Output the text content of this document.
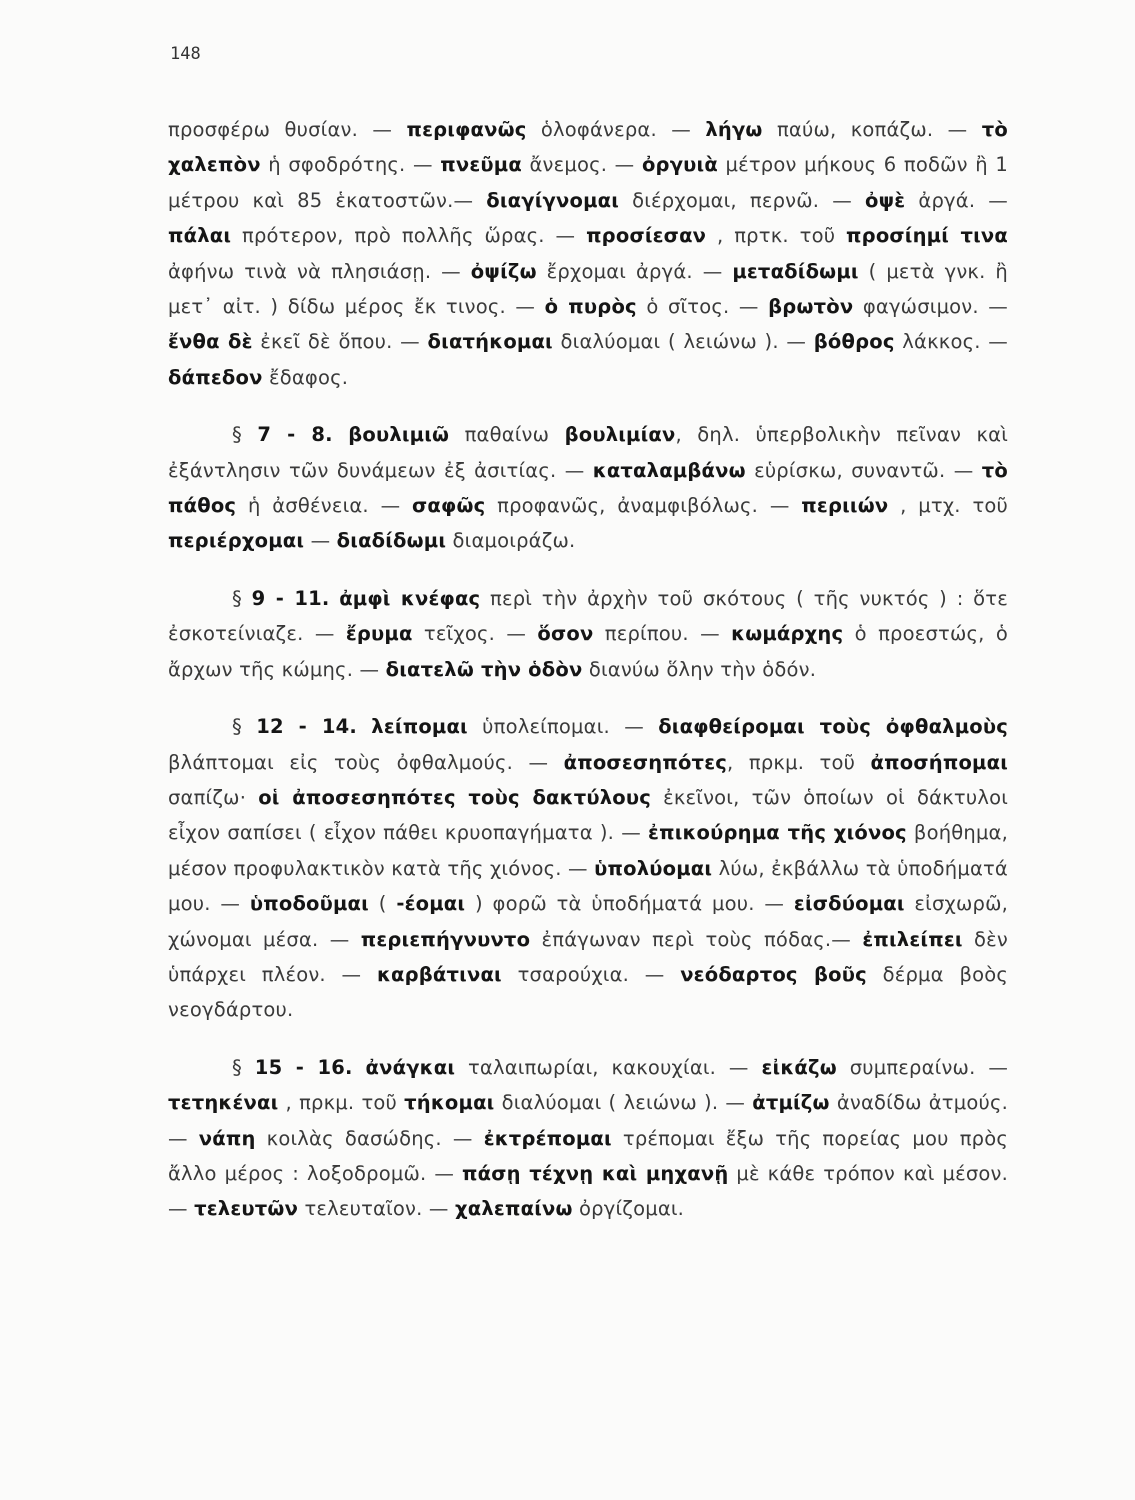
148

προσφέρω θυσίαν. — περιφανῶς ὁλοφάνερα. — λήγω παύω, κοπάζω. — τὸ χαλεπὸν ἡ σφοδρότης. — πνεῦμα ἄνεμος. — ὀργυιὰ μέτρον μήκους 6 ποδῶν ἢ 1 μέτρου καὶ 85 ἑκατοστῶν.— διαγίγνομαι διέρχομαι, περνῶ. — ὀψὲ ἀργά. — πάλαι πρότερον, πρὸ πολλῆς ὥρας. — προσίεσαν , πρτκ. τοῦ προσίημί τινα ἀφήνω τινὰ νὰ πλησιάσῃ. — ὀψίζω ἔρχομαι ἀργά. — μεταδίδωμι ( μετὰ γνκ. ἢ μετ᾽ αἰτ. ) δίδω μέρος ἔκ τινος. — ὁ πυρὸς ὁ σῖτος. — βρωτὸν φαγώσιμον. — ἔνθα δὲ ἐκεῖ δὲ ὅπου. — διατήκομαι διαλύομαι ( λειώνω ). — βόθρος λάκκος. — δάπεδον ἔδαφος.

§ 7 - 8. βουλιμιῶ παθαίνω βουλιμίαν, δηλ. ὑπερβολικὴν πεῖναν καὶ ἐξάντλησιν τῶν δυνάμεων ἐξ ἀσιτίας. — καταλαμβάνω εὑρίσκω, συναντῶ. — τὸ πάθος ἡ ἀσθένεια. — σαφῶς προφανῶς, ἀναμφιβόλως. — περιιών , μτχ. τοῦ περιέρχομαι — διαδίδωμι διαμοιράζω.

§ 9 - 11. ἀμφὶ κνέφας περὶ τὴν ἀρχὴν τοῦ σκότους ( τῆς νυκτός ) : ὅτε ἐσκοτείνιαζε. — ἔρυμα τεῖχος. — ὅσον περίπου. — κωμάρχης ὁ προεστώς, ὁ ἄρχων τῆς κώμης. — διατελῶ τὴν ὁδὸν διανύω ὅλην τὴν ὁδόν.

§ 12 - 14. λείπομαι ὑπολείπομαι. — διαφθείρομαι τοὺς ὀφθαλμοὺς βλάπτομαι εἰς τοὺς ὀφθαλμούς. — ἀποσεσηπότες, πρκμ. τοῦ ἀποσήπομαι σαπίζω· οἱ ἀποσεσηπότες τοὺς δακτύλους ἐκεῖνοι, τῶν ὁποίων οἱ δάκτυλοι εἶχον σαπίσει ( εἶχον πάθει κρυοπαγήματα ). — ἐπικούρημα τῆς χιόνος βοήθημα, μέσον προφυλακτικὸν κατὰ τῆς χιόνος. — ὑπολύομαι λύω, ἐκβάλλω τὰ ὑποδήματά μου. — ὑποδοῦμαι ( -έομαι ) φορῶ τὰ ὑποδήματά μου. — εἰσδύομαι εἰσχωρῶ, χώνομαι μέσα. — περιεπήγνυντο ἐπάγωναν περὶ τοὺς πόδας.— ἐπιλείπει δὲν ὑπάρχει πλέον. — καρβάτιναι τσαρούχια. — νεόδαρτος βοῦς δέρμα βοὸς νεογδάρτου.

§ 15 - 16. ἀνάγκαι ταλαιπωρίαι, κακουχίαι. — εἰκάζω συμπεραίνω. — τετηκέναι , πρκμ. τοῦ τήκομαι διαλύομαι ( λειώνω ). — ἀτμίζω ἀναδίδω ἀτμούς. — νάπη κοιλὰς δασώδης. — ἐκτρέπομαι τρέπομαι ἔξω τῆς πορείας μου πρὸς ἄλλο μέρος : λοξοδρομῶ. — πάσῃ τέχνῃ καὶ μηχανῇ μὲ κάθε τρόπον καὶ μέσον. — τελευτῶν τελευταῖον. — χαλεπαίνω ὀργίζομαι.
